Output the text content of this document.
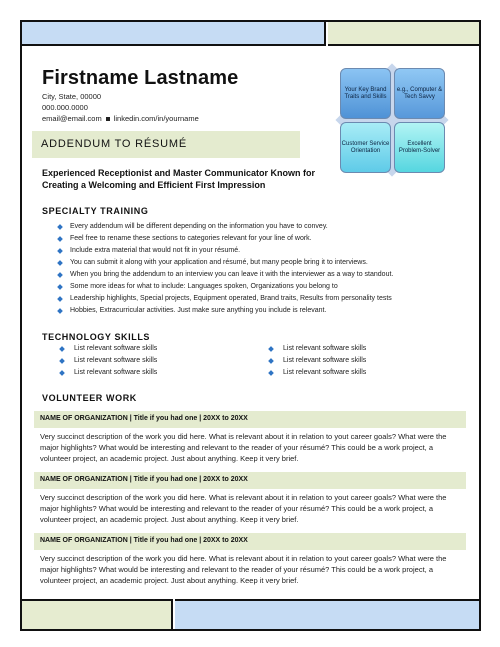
Firstname Lastname
City, State, 00000
000.000.0000
email@email.com linkedin.com/in/yourname
ADDENDUM TO RÉSUMÉ
Experienced Receptionist and Master Communicator Known for Creating a Welcoming and Efficient First Impression
Your Key Brand Traits and Skills
e.g., Computer & Tech Savvy
Customer Service Orientation
Excellent Problem-Solver
SPECIALTY TRAINING
Every addendum will be different depending on the information you have to convey.
Feel free to rename these sections to categories relevant for your line of work.
Include extra material that would not fit in your résumé.
You can submit it along with your application and résumé, but many people bring it to interviews.
When you bring the addendum to an interview you can leave it with the interviewer as a way to standout.
Some more ideas for what to include: Languages spoken, Organizations you belong to
Leadership highlights, Special projects, Equipment operated, Brand traits, Results from personality tests
Hobbies, Extracurricular activities. Just make sure anything you include is relevant.
TECHNOLOGY SKILLS
List relevant software skills
List relevant software skills
List relevant software skills
List relevant software skills
List relevant software skills
List relevant software skills
VOLUNTEER WORK
NAME OF ORGANIZATION | Title if you had one | 20XX to 20XX
Very succinct description of the work you did here. What is relevant about it in relation to yout career goals? What were the major highlights? What would be interesting and relevant to the reader of your résumé? This could be a work project, a volunteer project, an academic project. Just about anything. Keep it very brief.
NAME OF ORGANIZATION | Title if you had one | 20XX to 20XX
Very succinct description of the work you did here. What is relevant about it in relation to yout career goals? What were the major highlights? What would be interesting and relevant to the reader of your résumé? This could be a work project, a volunteer project, an academic project. Just about anything. Keep it very brief.
NAME OF ORGANIZATION | Title if you had one | 20XX to 20XX
Very succinct description of the work you did here. What is relevant about it in relation to yout career goals? What were the major highlights? What would be interesting and relevant to the reader of your résumé? This could be a work project, a volunteer project, an academic project. Just about anything. Keep it very brief.
